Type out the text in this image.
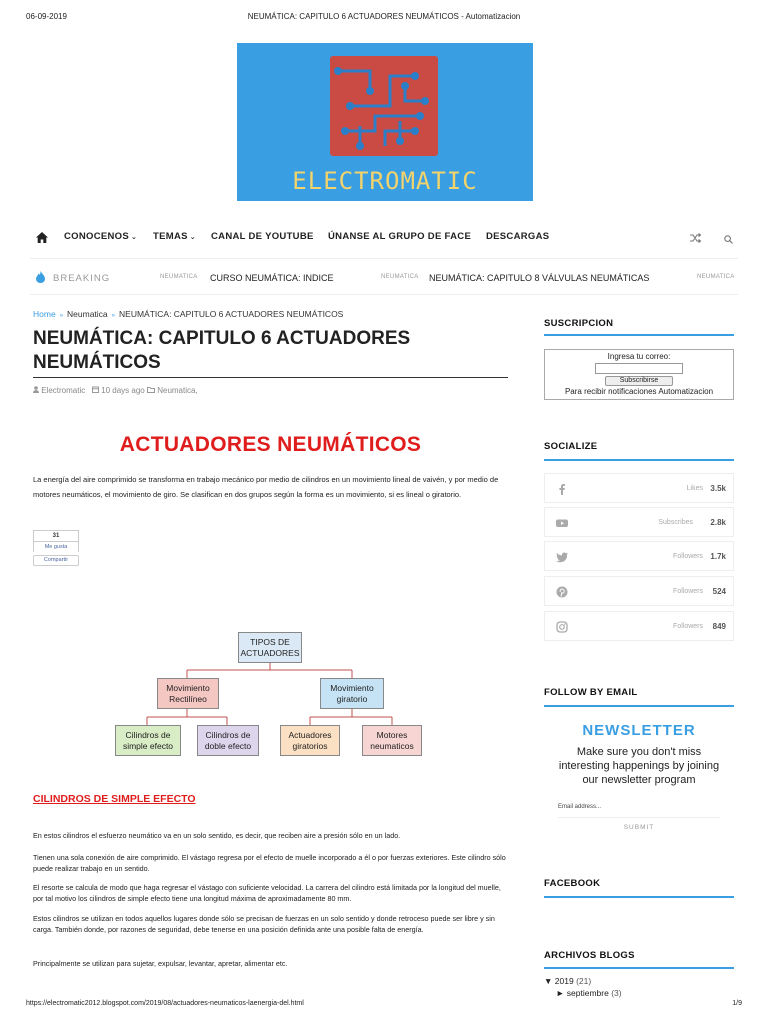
06-09-2019	NEUMÁTICA: CAPITULO 6 ACTUADORES NEUMÁTICOS - Automatizacion
ELECTROMATIC
CONOCENOS ⌄ TEMAS ⌄ CANAL DE YOUTUBE ÚNANSE AL GRUPO DE FACE DESCARGAS
BREAKING	NEUMATICA CURSO NEUMÁTICA: INDICE	NEUMATICA NEUMÁTICA: CAPITULO 8 VÁLVULAS NEUMÁTICAS	NEUMATICA
Home » Neumatica » NEUMÁTICA: CAPITULO 6 ACTUADORES NEUMÁTICOS
NEUMÁTICA: CAPITULO 6 ACTUADORES NEUMÁTICOS
Electromatic 10 days ago Neumatica,
ACTUADORES NEUMÁTICOS

La energía del aire comprimido se transforma en trabajo mecánico por medio de cilindros en un movimiento lineal de vaivén, y por medio de motores neumáticos, el movimiento de giro. Se clasifican en dos grupos según la forma es un movimiento, si es lineal o giratorio.

31
Me gusta
Compartir
TIPOS DE ACTUADORES
Movimiento Rectilíneo
Movimiento giratorio
Cilindros de simple efecto
Cilindros de doble efecto
Actuadores giratorios
Motores neumaticos
CILINDROS DE SIMPLE EFECTO

En estos cilindros el esfuerzo neumático va en un solo sentido, es decir, que reciben aire a presión sólo en un lado.

Tienen una sola conexión de aire comprimido. El vástago regresa por el efecto de muelle incorporado a él o por fuerzas exteriores. Este cilindro sólo puede realizar trabajo en un sentido.

El resorte se calcula de modo que haga regresar el vástago con suficiente velocidad. La carrera del cilindro está limitada por la longitud del muelle, por tal motivo los cilindros de simple efecto tiene una longitud máxima de aproximadamente 80 mm.

Estos cilindros se utilizan en todos aquellos lugares donde sólo se precisan de fuerzas en un solo sentido y donde retroceso puede ser libre y sin carga. También donde, por razones de seguridad, debe tenerse en una posición definida ante una posible falta de energía.

Principalmente se utilizan para sujetar, expulsar, levantar, apretar, alimentar etc.

SUSCRIPCION
Ingresa tu correo:
Subscribirse
Para recibir notificaciones Automatizacion
SOCIALIZE
Likes 3.5k
Subscribes 2.8k
Followers 1.7k
Followers 524
Followers 849
FOLLOW BY EMAIL
NEWSLETTER
Make sure you don't miss interesting happenings by joining our newsletter program
Email address...
SUBMIT
FACEBOOK
ARCHIVOS BLOGS
▼ 2019 (21)
► septiembre (3)
https://electromatic2012.blogspot.com/2019/08/actuadores-neumaticos-laenergia-del.html	1/9
